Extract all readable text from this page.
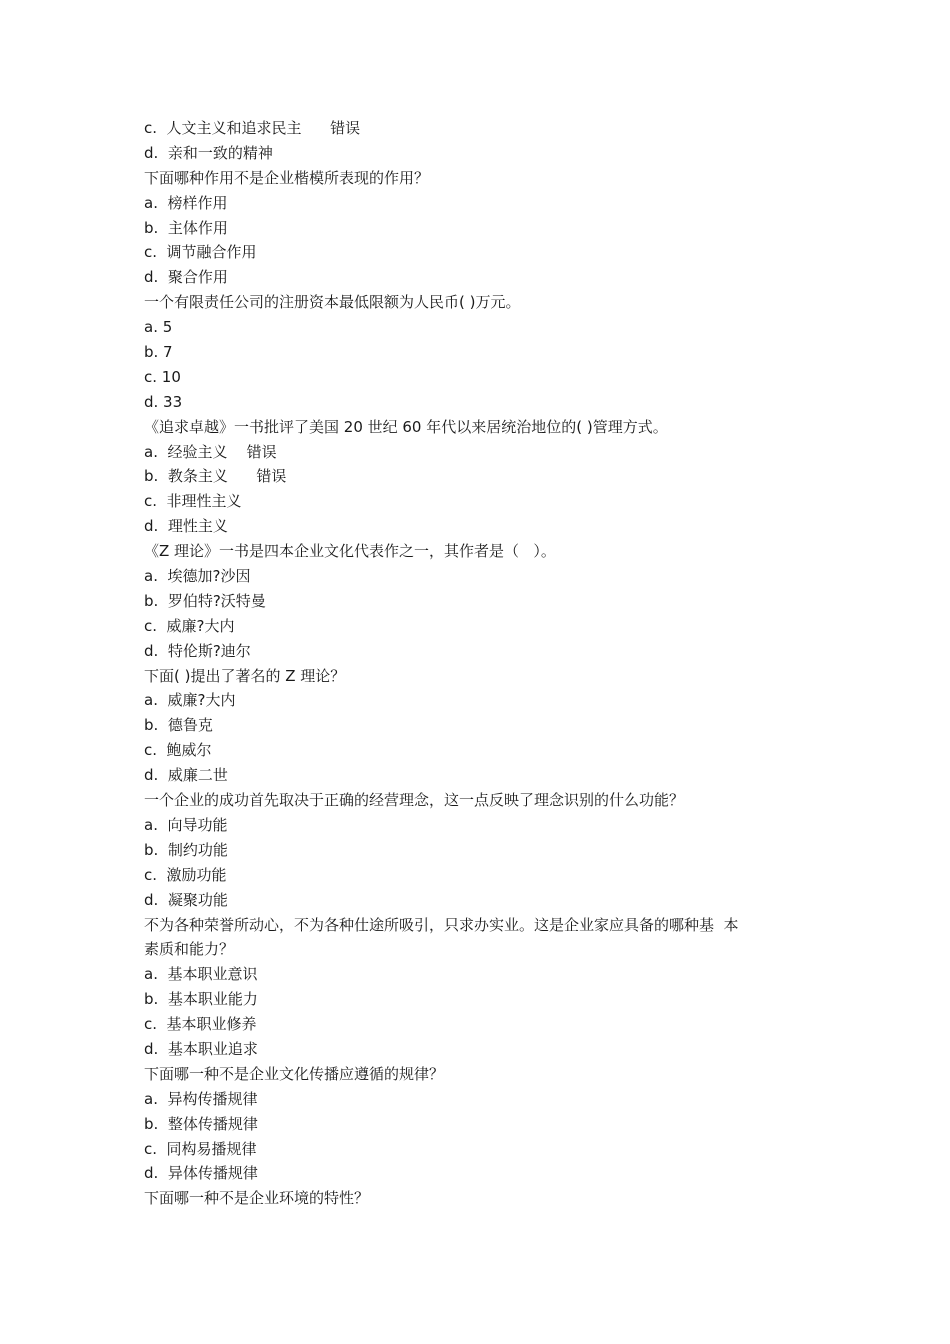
c.  人文主义和追求民主      错误
d.  亲和一致的精神
下面哪种作用不是企业楷模所表现的作用？
a.  榜样作用
b.  主体作用
c.  调节融合作用
d.  聚合作用
一个有限责任公司的注册资本最低限额为人民币( )万元。
a. 5
b. 7
c. 10
d. 33
《追求卓越》一书批评了美国 20 世纪 60 年代以来居统治地位的( )管理方式。
a.  经验主义    错误
b.  教条主义      错误
c.  非理性主义
d.  理性主义
《Z 理论》一书是四本企业文化代表作之一，其作者是（   ）。
a.  埃德加?沙因
b.  罗伯特?沃特曼
c.  威廉?大内
d.  特伦斯?迪尔
下面( )提出了著名的 Z 理论？
a.  威廉?大内
b.  德鲁克
c.  鲍威尔
d.  威廉二世
一个企业的成功首先取决于正确的经营理念，这一点反映了理念识别的什么功能？
a.  向导功能
b.  制约功能
c.  激励功能
d.  凝聚功能
不为各种荣誉所动心，不为各种仕途所吸引，只求办实业。这是企业家应具备的哪种基  本
素质和能力？
a.  基本职业意识
b.  基本职业能力
c.  基本职业修养
d.  基本职业追求
下面哪一种不是企业文化传播应遵循的规律？
a.  异构传播规律
b.  整体传播规律
c.  同构易播规律
d.  异体传播规律
下面哪一种不是企业环境的特性？
